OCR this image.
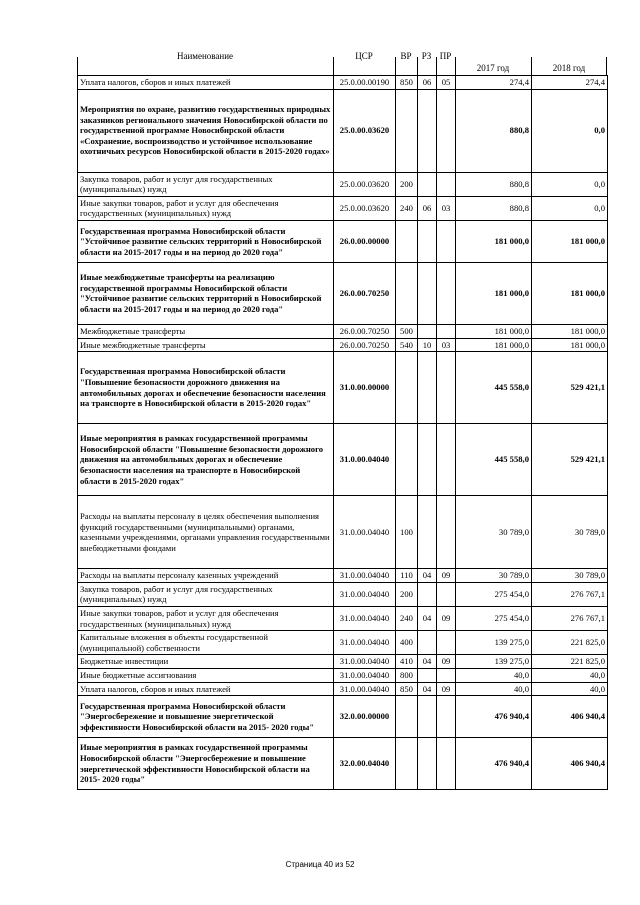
Наименование	ЦСР	ВР	РЗ ПР
2017 год	2018 год
Уплата налогов, сборов и иных платежей	25.0.00.00190	850	06	05	274,4	274,4
Мероприятия по охране, развитию государственных природных заказников регионального значения Новосибирской области по государственной программе Новосибирской области «Сохранение, воспроизводство и устойчивое использование охотничьих ресурсов Новосибирской области в 2015-2020 годах»	25.0.00.03620				880,8	0,0
Закупка товаров, работ и услуг для государственных (муниципальных) нужд	25.0.00.03620	200			880,8	0,0
Иные закупки товаров, работ и услуг для обеспечения государственных (муниципальных) нужд	25.0.00.03620	240	06	03	880,8	0,0
Государственная программа Новосибирской области "Устойчивое развитие сельских территорий в Новосибирской области на 2015-2017 годы и на период до 2020 года"	26.0.00.00000				181 000,0	181 000,0
Иные межбюджетные трансферты на реализацию государственной программы Новосибирской области "Устойчивое развитие сельских территорий в Новосибирской области на 2015-2017 годы и на период до 2020 года"	26.0.00.70250				181 000,0	181 000,0
Межбюджетные трансферты	26.0.00.70250	500			181 000,0	181 000,0
Иные межбюджетные трансферты	26.0.00.70250	540	10	03	181 000,0	181 000,0
Государственная программа Новосибирской области "Повышение безопасности дорожного движения на автомобильных дорогах и обеспечение безопасности населения на транспорте в Новосибирской области в 2015-2020 годах"	31.0.00.00000				445 558,0	529 421,1
Иные мероприятия в рамках государственной программы Новосибирской области "Повышение безопасности дорожного движения на автомобильных дорогах и обеспечение безопасности населения на транспорте в Новосибирской области в 2015-2020 годах"	31.0.00.04040				445 558,0	529 421,1
Расходы на выплаты персоналу в целях обеспечения выполнения функций государственными (муниципальными) органами, казенными учреждениями, органами управления государственными внебюджетными фондами	31.0.00.04040	100			30 789,0	30 789,0
Расходы на выплаты персоналу казенных учреждений	31.0.00.04040	110	04	09	30 789,0	30 789,0
Закупка товаров, работ и услуг для государственных (муниципальных) нужд	31.0.00.04040	200			275 454,0	276 767,1
Иные закупки товаров, работ и услуг для обеспечения государственных (муниципальных) нужд	31.0.00.04040	240	04	09	275 454,0	276 767,1
Капитальные вложения в объекты государственной (муниципальной) собственности	31.0.00.04040	400			139 275,0	221 825,0
Бюджетные инвестиции	31.0.00.04040	410	04	09	139 275,0	221 825,0
Иные бюджетные ассигнования	31.0.00.04040	800			40,0	40,0
Уплата налогов, сборов и иных платежей	31.0.00.04040	850	04	09	40,0	40,0
Государственная программа Новосибирской области "Энергосбережение и повышение энергетической эффективности Новосибирской области на 2015- 2020 годы"	32.0.00.00000				476 940,4	406 940,4
Иные мероприятия в рамках государственной программы Новосибирской области "Энергосбережение и повышение энергетической эффективности Новосибирской области на 2015- 2020 годы"	32.0.00.04040				476 940,4	406 940,4
Страница 40 из 52
